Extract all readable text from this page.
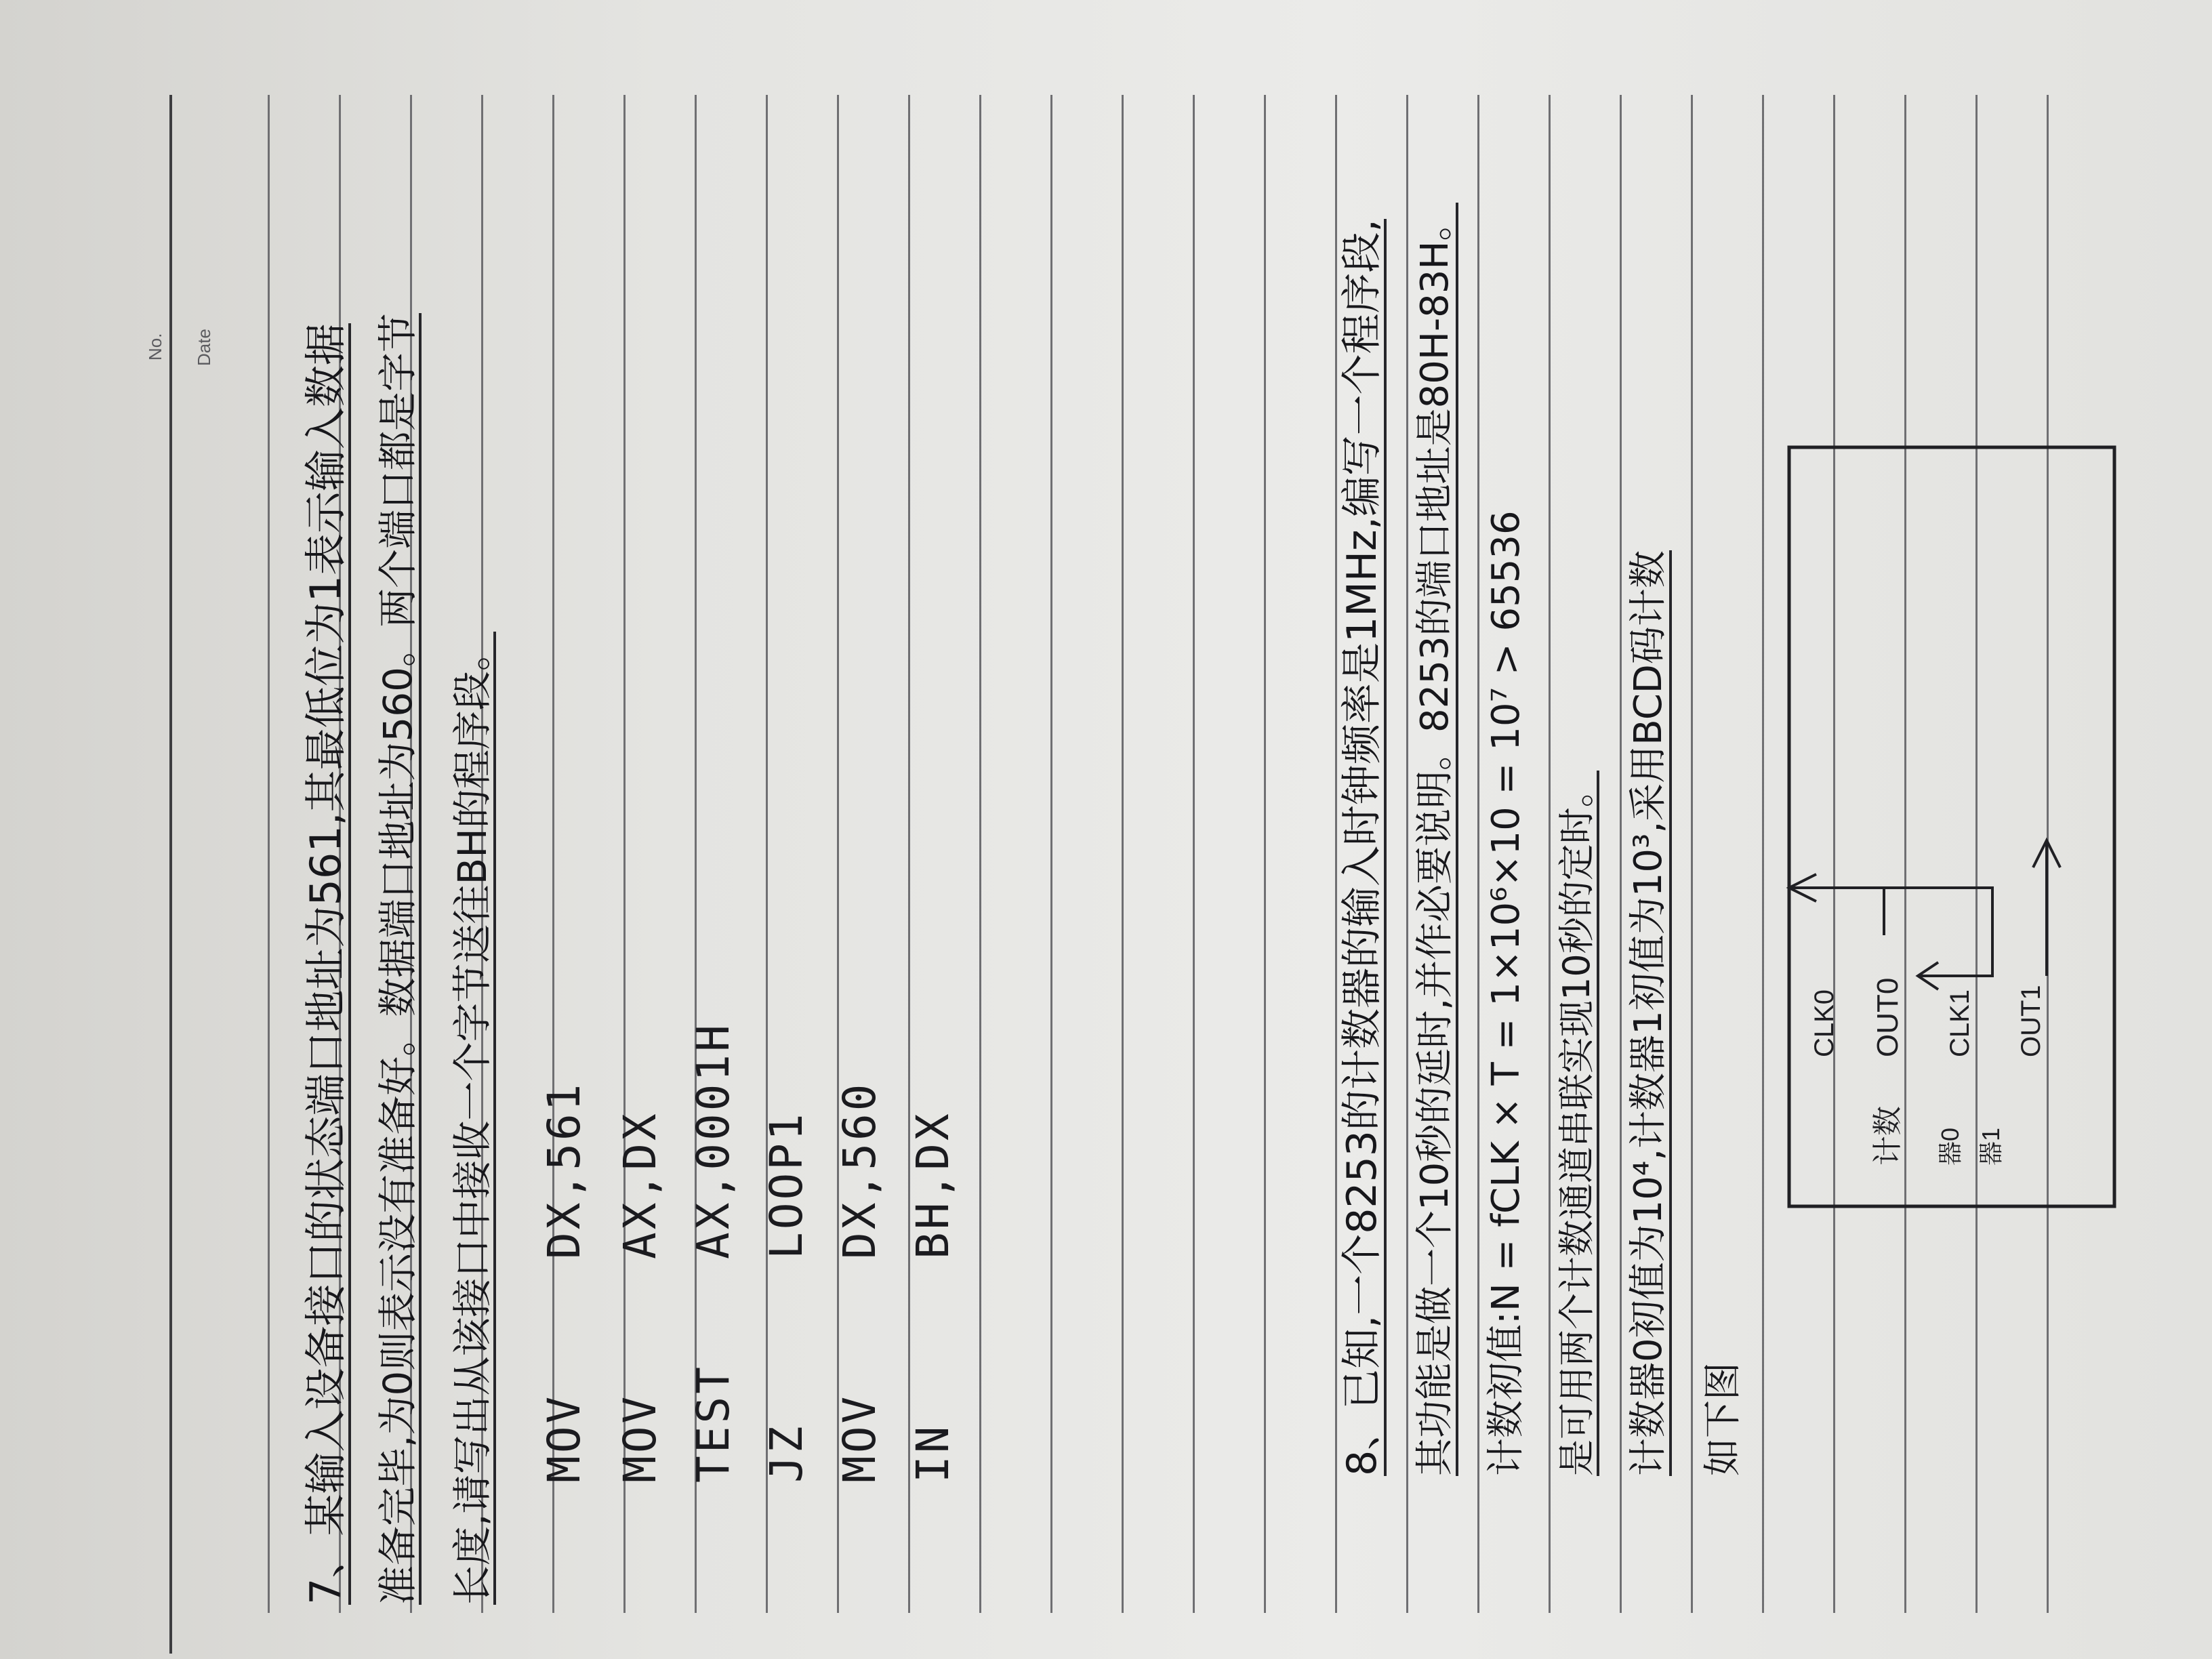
No. Date 7、某输入设备接口的状态端口地址为561,其最低位为1表示输入数据 准备完毕,为0则表示没有准备好。数据端口地址为560。两个端口都是字节 长度,请写出从该接口中接收一个字节送往BH的程序段。 MOVDX,561
MOVAX,DX
TESTAX,0001H
JZLOOP1
MOVDX,560
INBH,DX	8、已知,一个8253的计数器的输入时钟频率是1MHz,编写一个程序段, 其功能是做一个10秒的延时,并作必要说明。8253的端口地址是80H-83H。 计数初值:N = fCLK × T = 1×10⁶×10 = 10⁷ > 65536 是可用两个计数通道串联实现10秒的定时。 计数器0初值为10⁴,计数器1初值为10³,采用BCD码计数 如下图
CLK0 OUT0 CLK1 OUT1
计数 器0 器1
